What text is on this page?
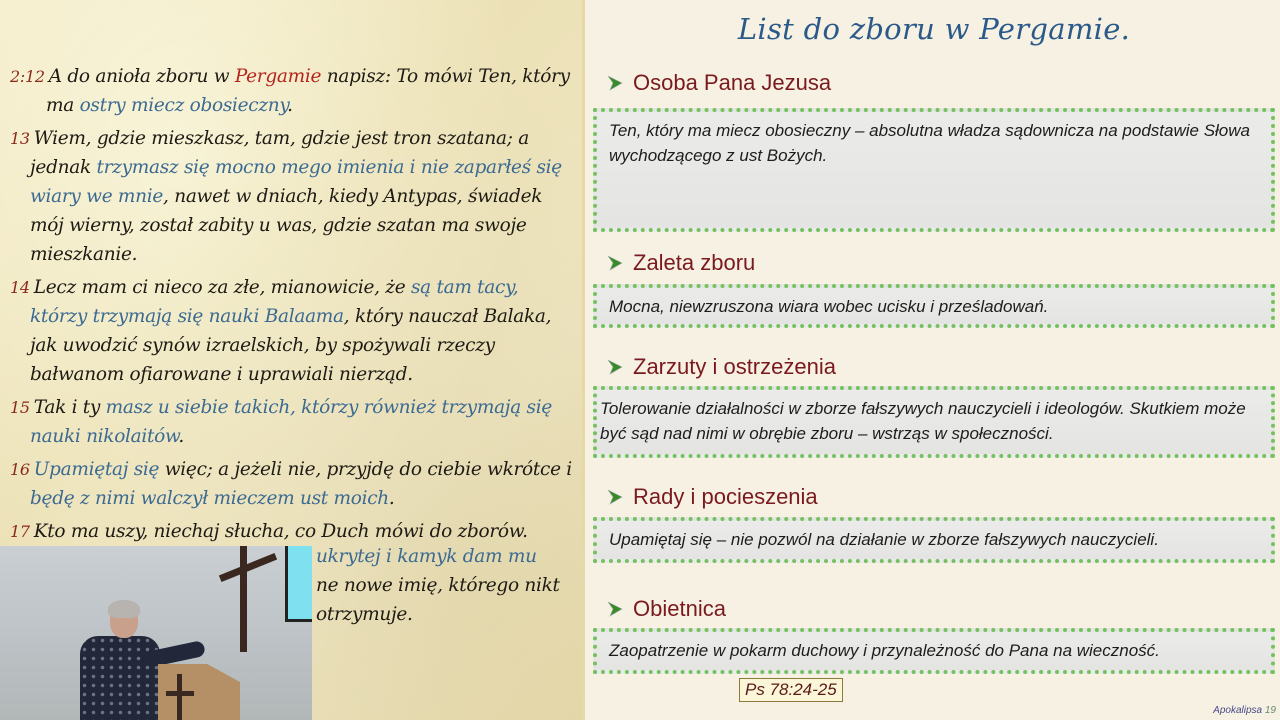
2:12 A do anioła zboru w Pergamie napisz: To mówi Ten, który ma ostry miecz obosieczny.
13 Wiem, gdzie mieszkasz, tam, gdzie jest tron szatana; a jednak trzymasz się mocno mego imienia i nie zaparłeś się wiary we mnie, nawet w dniach, kiedy Antypas, świadek mój wierny, został zabity u was, gdzie szatan ma swoje mieszkanie.
14 Lecz mam ci nieco za złe, mianowicie, że są tam tacy, którzy trzymają się nauki Balaama, który nauczał Balaka, jak uwodzić synów izraelskich, by spożywali rzeczy bałwanom ofiarowane i uprawiali nierząd.
15 Tak i ty masz u siebie takich, którzy również trzymają się nauki nikolaitów.
16 Upamiętaj się więc; a jeżeli nie, przyjdę do ciebie wkrótce i będę z nimi walczył mieczem ust moich.
17 Kto ma uszy, niechaj słucha, co Duch mówi do zborów.
ukrytej i kamyk dam mu
ne nowe imię, którego nikt
otrzymuje.
List do zboru w Pergamie.
Osoba Pana Jezusa
Ten, który ma miecz obosieczny – absolutna władza sądownicza na podstawie Słowa wychodzącego z ust Bożych.
Zaleta zboru
Mocna, niewzruszona wiara wobec ucisku i prześladowań.
Zarzuty i ostrzeżenia
Tolerowanie działalności w zborze fałszywych nauczycieli i ideologów. Skutkiem może być sąd nad nimi w obrębie zboru – wstrząs w społeczności.
Rady i pocieszenia
Upamiętaj się – nie pozwól na działanie w zborze fałszywych nauczycieli.
Obietnica
Zaopatrzenie w pokarm duchowy i przynależność do Pana na wieczność.
Ps 78:24-25
Apokalipsa 19
